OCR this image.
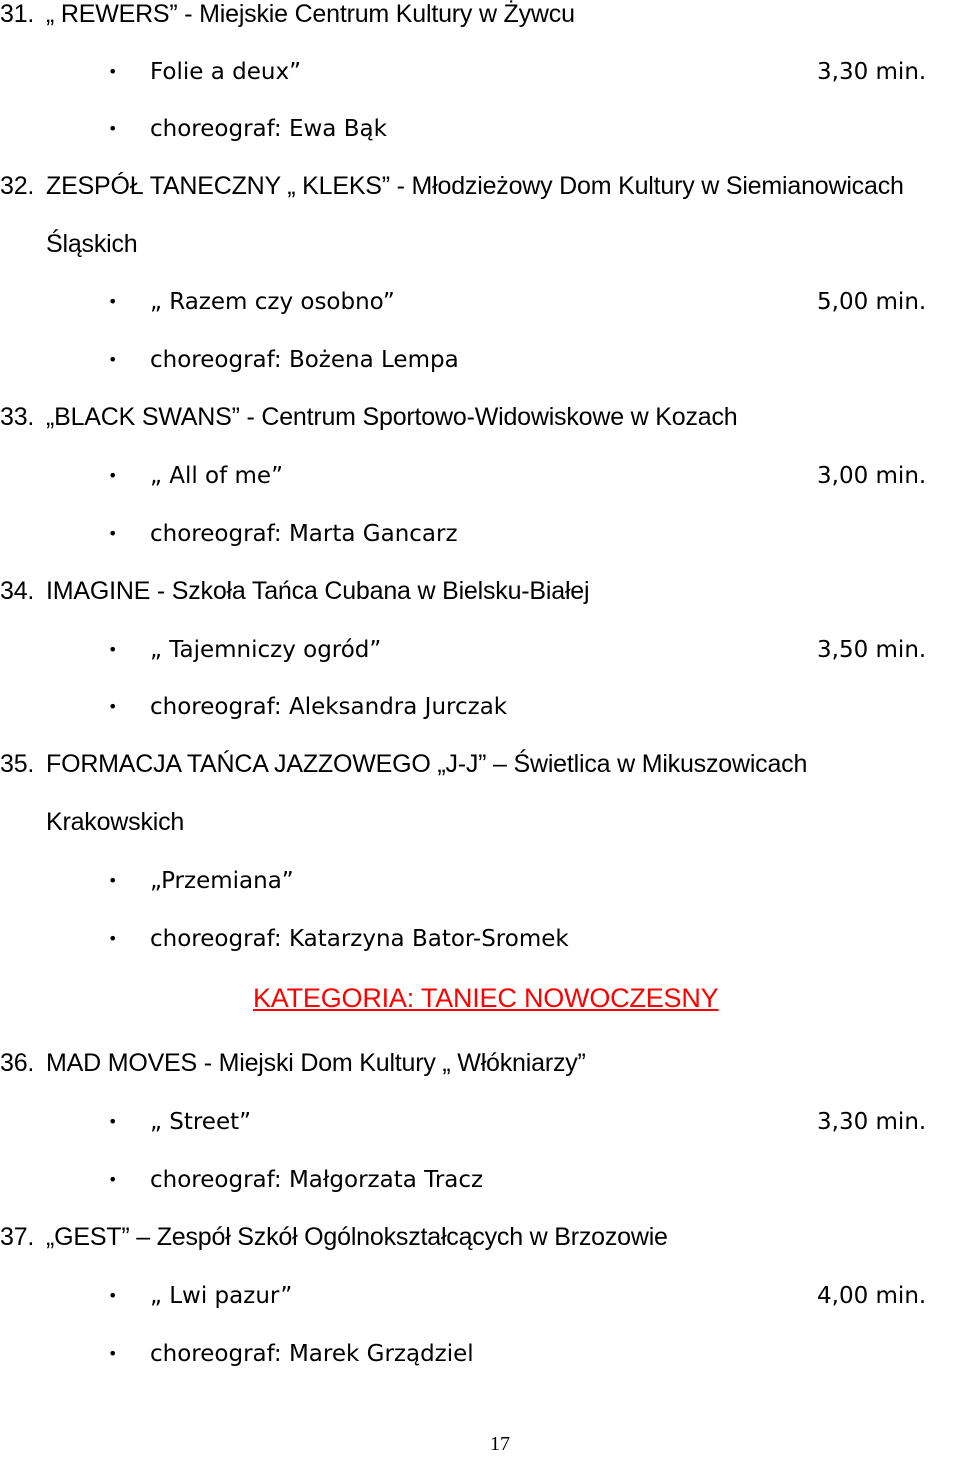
31. „ REWERS” - Miejskie Centrum Kultury w Żywcu
• Folie a deux”	3,30 min.
• choreograf: Ewa Bąk
32. ZESPÓŁ TANECZNY „ KLEKS” - Młodzieżowy Dom Kultury w Siemianowicach
Śląskich
• „ Razem czy osobno”	5,00 min.
• choreograf: Bożena Lempa
33. „BLACK SWANS” - Centrum Sportowo-Widowiskowe w Kozach
• „ All of me”	3,00 min.
• choreograf: Marta Gancarz
34. IMAGINE - Szkoła Tańca Cubana w Bielsku-Białej
• „ Tajemniczy ogród”	3,50 min.
• choreograf: Aleksandra Jurczak
35. FORMACJA TAŃCA JAZZOWEGO „J-J” – Świetlica w Mikuszowicach
Krakowskich
• „Przemiana”
• choreograf: Katarzyna Bator-Sromek
KATEGORIA: TANIEC NOWOCZESNY
36. MAD MOVES - Miejski Dom Kultury „ Włókniarzy”
• „ Street”	3,30 min.
• choreograf: Małgorzata Tracz
37. „GEST” – Zespół Szkół Ogólnokształcących w Brzozowie
• „ Lwi pazur”	4,00 min.
• choreograf: Marek Grządziel
17
